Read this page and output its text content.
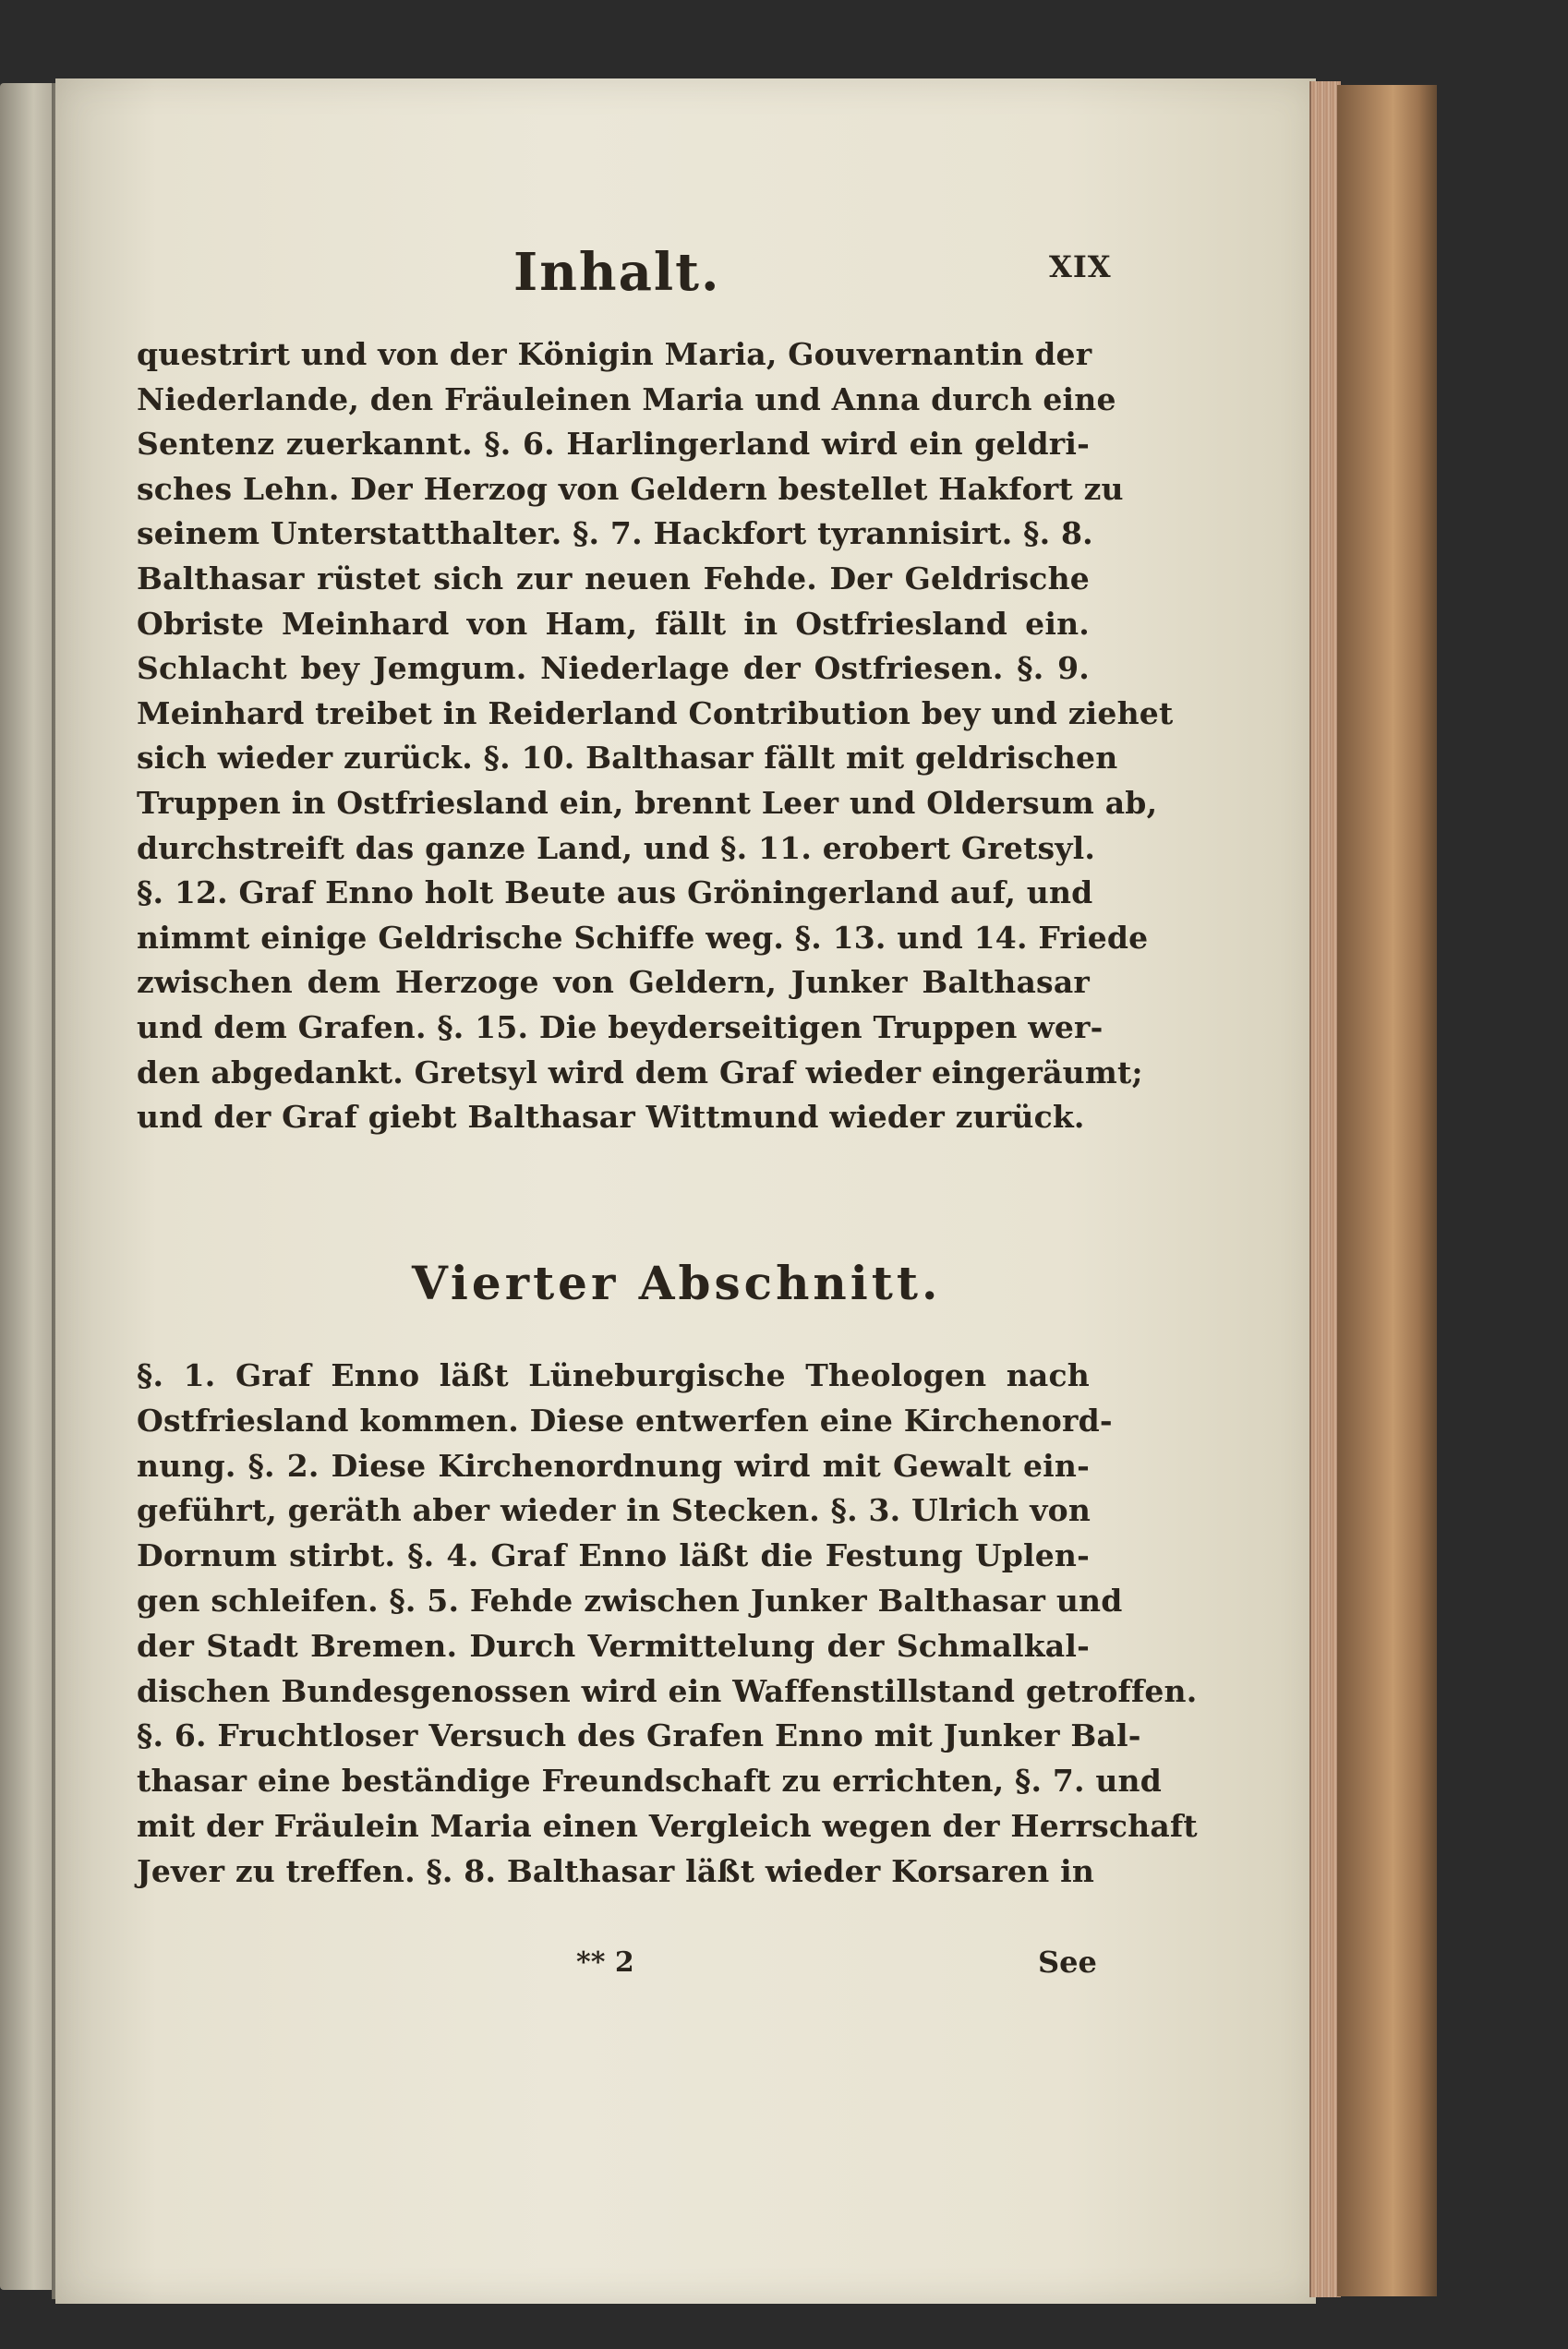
Inhalt.	XIX
questrirt und von der Königin Maria, Gouvernantin der
Niederlande, den Fräuleinen Maria und Anna durch eine
Sentenz zuerkannt. §. 6. Harlingerland wird ein geldri-
sches Lehn. Der Herzog von Geldern bestellet Hakfort zu
seinem Unterstatthalter. §. 7. Hackfort tyrannisirt. §. 8.
Balthasar rüstet sich zur neuen Fehde. Der Geldrische
Obriste Meinhard von Ham, fällt in Ostfriesland ein.
Schlacht bey Jemgum. Niederlage der Ostfriesen. §. 9.
Meinhard treibet in Reiderland Contribution bey und ziehet
sich wieder zurück. §. 10. Balthasar fällt mit geldrischen
Truppen in Ostfriesland ein, brennt Leer und Oldersum ab,
durchstreift das ganze Land, und §. 11. erobert Gretsyl.
§. 12. Graf Enno holt Beute aus Gröningerland auf, und
nimmt einige Geldrische Schiffe weg. §. 13. und 14. Friede
zwischen dem Herzoge von Geldern, Junker Balthasar
und dem Grafen. §. 15. Die beyderseitigen Truppen wer-
den abgedankt. Gretsyl wird dem Graf wieder eingeräumt;
und der Graf giebt Balthasar Wittmund wieder zurück.
Vierter Abschnitt.
§. 1. Graf Enno läßt Lüneburgische Theologen nach
Ostfriesland kommen. Diese entwerfen eine Kirchenord-
nung. §. 2. Diese Kirchenordnung wird mit Gewalt ein-
geführt, geräth aber wieder in Stecken. §. 3. Ulrich von
Dornum stirbt. §. 4. Graf Enno läßt die Festung Uplen-
gen schleifen. §. 5. Fehde zwischen Junker Balthasar und
der Stadt Bremen. Durch Vermittelung der Schmalkal-
dischen Bundesgenossen wird ein Waffenstillstand getroffen.
§. 6. Fruchtloser Versuch des Grafen Enno mit Junker Bal-
thasar eine beständige Freundschaft zu errichten, §. 7. und
mit der Fräulein Maria einen Vergleich wegen der Herrschaft
Jever zu treffen. §. 8. Balthasar läßt wieder Korsaren in
** 2	See
